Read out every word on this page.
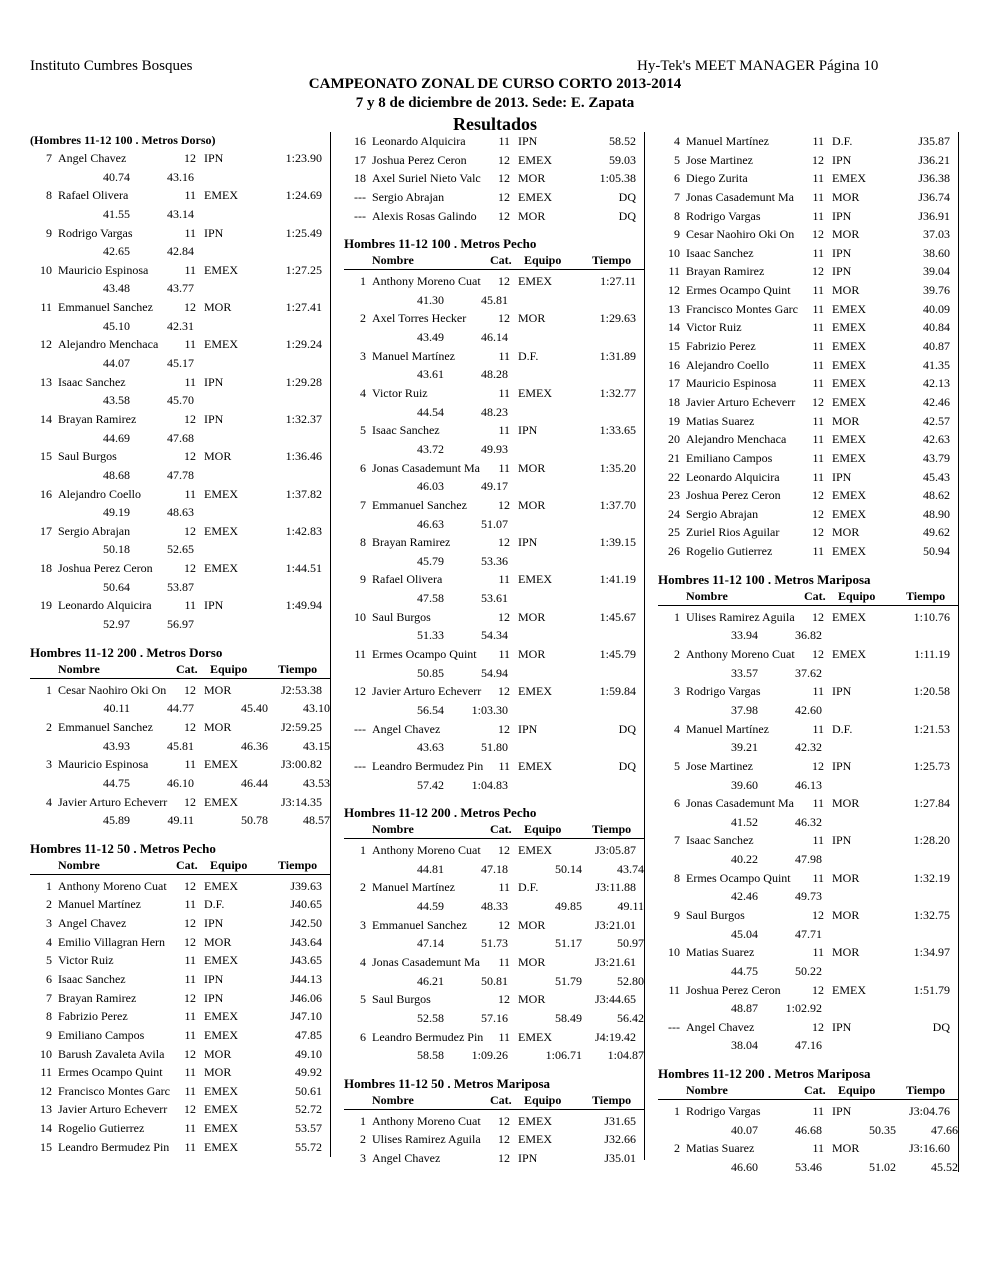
Instituto Cumbres Bosques	Hy-Tek's MEET MANAGER Página 10
CAMPEONATO ZONAL DE CURSO CORTO 2013-2014
7 y 8 de diciembre de 2013. Sede: E. Zapata
Resultados
(Hombres 11-12 100 . Metros Dorso)
7 Angel Chavez	12 IPN	1:23.90
40.74	43.16
8 Rafael Olivera	11 EMEX	1:24.69
41.55	43.14
9 Rodrigo Vargas	11 IPN	1:25.49
42.65	42.84
10 Mauricio Espinosa	11 EMEX	1:27.25
43.48	43.77
11 Emmanuel Sanchez	12 MOR	1:27.41
45.10	42.31
12 Alejandro Menchaca	11 EMEX	1:29.24
44.07	45.17
13 Isaac Sanchez	11 IPN	1:29.28
43.58	45.70
14 Brayan Ramirez	12 IPN	1:32.37
44.69	47.68
15 Saul Burgos	12 MOR	1:36.46
48.68	47.78
16 Alejandro Coello	11 EMEX	1:37.82
49.19	48.63
17 Sergio Abrajan	12 EMEX	1:42.83
50.18	52.65
18 Joshua Perez Ceron	12 EMEX	1:44.51
50.64	53.87
19 Leonardo Alquicira	11 IPN	1:49.94
52.97	56.97
Hombres 11-12 200 . Metros Dorso
Nombre	Cat. Equipo	Tiempo
1 Cesar Naohiro Oki On	12 MOR	J2:53.38
40.11	44.77	45.40	43.10
2 Emmanuel Sanchez	12 MOR	J2:59.25
43.93	45.81	46.36	43.15
3 Mauricio Espinosa	11 EMEX	J3:00.82
44.75	46.10	46.44	43.53
4 Javier Arturo Echeverr	12 EMEX	J3:14.35
45.89	49.11	50.78	48.57
Hombres 11-12 50 . Metros Pecho
Nombre	Cat. Equipo	Tiempo
1 Anthony Moreno Cuat	12 EMEX	J39.63
2 Manuel Martínez	11 D.F.	J40.65
3 Angel Chavez	12 IPN	J42.50
4 Emilio Villagran Hern	12 MOR	J43.64
5 Victor Ruiz	11 EMEX	J43.65
6 Isaac Sanchez	11 IPN	J44.13
7 Brayan Ramirez	12 IPN	J46.06
8 Fabrizio Perez	11 EMEX	J47.10
9 Emiliano Campos	11 EMEX	47.85
10 Barush Zavaleta Avila	12 MOR	49.10
11 Ermes Ocampo Quint	11 MOR	49.92
12 Francisco Montes Garc	11 EMEX	50.61
13 Javier Arturo Echeverr	12 EMEX	52.72
14 Rogelio Gutierrez	11 EMEX	53.57
15 Leandro Bermudez Pin	11 EMEX	55.72
16 Leonardo Alquicira	11 IPN	58.52
17 Joshua Perez Ceron	12 EMEX	59.03
18 Axel Suriel Nieto Valc	12 MOR	1:05.38
--- Sergio Abrajan	12 EMEX	DQ
--- Alexis Rosas Galindo	12 MOR	DQ
Hombres 11-12 100 . Metros Pecho
Nombre	Cat. Equipo	Tiempo
1 Anthony Moreno Cuat	12 EMEX	1:27.11
41.30	45.81
2 Axel Torres Hecker	12 MOR	1:29.63
43.49	46.14
3 Manuel Martínez	11 D.F.	1:31.89
43.61	48.28
4 Victor Ruiz	11 EMEX	1:32.77
44.54	48.23
5 Isaac Sanchez	11 IPN	1:33.65
43.72	49.93
6 Jonas Casademunt Ma	11 MOR	1:35.20
46.03	49.17
7 Emmanuel Sanchez	12 MOR	1:37.70
46.63	51.07
8 Brayan Ramirez	12 IPN	1:39.15
45.79	53.36
9 Rafael Olivera	11 EMEX	1:41.19
47.58	53.61
10 Saul Burgos	12 MOR	1:45.67
51.33	54.34
11 Ermes Ocampo Quint	11 MOR	1:45.79
50.85	54.94
12 Javier Arturo Echeverr	12 EMEX	1:59.84
56.54	1:03.30
--- Angel Chavez	12 IPN	DQ
43.63	51.80
--- Leandro Bermudez Pin	11 EMEX	DQ
57.42	1:04.83
Hombres 11-12 200 . Metros Pecho
Nombre	Cat. Equipo	Tiempo
1 Anthony Moreno Cuat	12 EMEX	J3:05.87
44.81	47.18	50.14	43.74
2 Manuel Martínez	11 D.F.	J3:11.88
44.59	48.33	49.85	49.11
3 Emmanuel Sanchez	12 MOR	J3:21.01
47.14	51.73	51.17	50.97
4 Jonas Casademunt Ma	11 MOR	J3:21.61
46.21	50.81	51.79	52.80
5 Saul Burgos	12 MOR	J3:44.65
52.58	57.16	58.49	56.42
6 Leandro Bermudez Pin	11 EMEX	J4:19.42
58.58	1:09.26	1:06.71	1:04.87
Hombres 11-12 50 . Metros Mariposa
Nombre	Cat. Equipo	Tiempo
1 Anthony Moreno Cuat	12 EMEX	J31.65
2 Ulises Ramirez Aguila	12 EMEX	J32.66
3 Angel Chavez	12 IPN	J35.01
4 Manuel Martínez	11 D.F.	J35.87
5 Jose Martinez	12 IPN	J36.21
6 Diego Zurita	11 EMEX	J36.38
7 Jonas Casademunt Ma	11 MOR	J36.74
8 Rodrigo Vargas	11 IPN	J36.91
9 Cesar Naohiro Oki On	12 MOR	37.03
10 Isaac Sanchez	11 IPN	38.60
11 Brayan Ramirez	12 IPN	39.04
12 Ermes Ocampo Quint	11 MOR	39.76
13 Francisco Montes Garc	11 EMEX	40.09
14 Victor Ruiz	11 EMEX	40.84
15 Fabrizio Perez	11 EMEX	40.87
16 Alejandro Coello	11 EMEX	41.35
17 Mauricio Espinosa	11 EMEX	42.13
18 Javier Arturo Echeverr	12 EMEX	42.46
19 Matias Suarez	11 MOR	42.57
20 Alejandro Menchaca	11 EMEX	42.63
21 Emiliano Campos	11 EMEX	43.79
22 Leonardo Alquicira	11 IPN	45.43
23 Joshua Perez Ceron	12 EMEX	48.62
24 Sergio Abrajan	12 EMEX	48.90
25 Zuriel Rios Aguilar	12 MOR	49.62
26 Rogelio Gutierrez	11 EMEX	50.94
Hombres 11-12 100 . Metros Mariposa
Nombre	Cat. Equipo	Tiempo
1 Ulises Ramirez Aguila	12 EMEX	1:10.76
33.94	36.82
2 Anthony Moreno Cuat	12 EMEX	1:11.19
33.57	37.62
3 Rodrigo Vargas	11 IPN	1:20.58
37.98	42.60
4 Manuel Martínez	11 D.F.	1:21.53
39.21	42.32
5 Jose Martinez	12 IPN	1:25.73
39.60	46.13
6 Jonas Casademunt Ma	11 MOR	1:27.84
41.52	46.32
7 Isaac Sanchez	11 IPN	1:28.20
40.22	47.98
8 Ermes Ocampo Quint	11 MOR	1:32.19
42.46	49.73
9 Saul Burgos	12 MOR	1:32.75
45.04	47.71
10 Matias Suarez	11 MOR	1:34.97
44.75	50.22
11 Joshua Perez Ceron	12 EMEX	1:51.79
48.87	1:02.92
--- Angel Chavez	12 IPN	DQ
38.04	47.16
Hombres 11-12 200 . Metros Mariposa
Nombre	Cat. Equipo	Tiempo
1 Rodrigo Vargas	11 IPN	J3:04.76
40.07	46.68	50.35	47.66
2 Matias Suarez	11 MOR	J3:16.60
46.60	53.46	51.02	45.52
